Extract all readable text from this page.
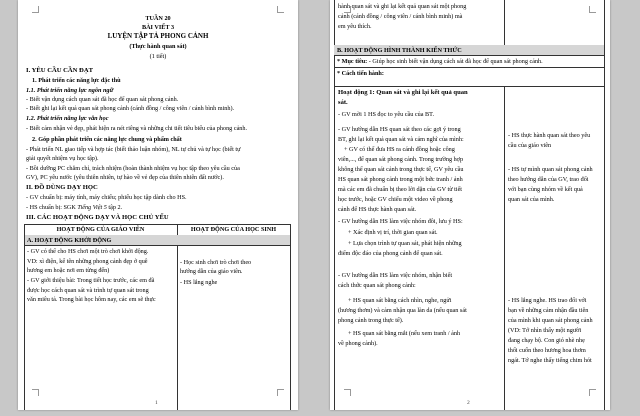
TUẦN 20
BÀI VIẾT 3
LUYỆN TẬP TẢ PHONG CẢNH
(Thực hành quan sát)
(1 tiết)
I. YÊU CẦU CẦN ĐẠT
1. Phát triển các năng lực đặc thù
1.1. Phát triển năng lực ngôn ngữ
- Biết vận dụng cách quan sát đã học để quan sát phong cảnh.
- Biết ghi lại kết quả quan sát phong cảnh (cánh đồng / công viên / cánh bình minh).
1.2. Phát triển năng lực văn học
- Biết cảm nhận vẻ đẹp, phát hiện ra nét riêng và những chi tiết tiêu biểu của phong cảnh.
2. Góp phần phát triển các năng lực chung và phẩm chất
- Phát triển NL giao tiếp và hợp tác (biết thảo luận nhóm), NL tự chủ và tự học (biết tự
giải quyết nhiệm vụ học tập).
- Bồi dưỡng PC chăm chỉ, trách nhiệm (hoàn thành nhiệm vụ học tập theo yêu cầu của
GV), PC yêu nước (yêu thiên nhiên, tự hào về vẻ đẹp của thiên nhiên đất nước).
II. ĐỒ DÙNG DẠY HỌC
- GV chuẩn bị: máy tính, máy chiếu; phiếu học tập dành cho HS.
- HS chuẩn bị: SGK Tiếng Việt 5 tập 2.
III. CÁC HOẠT ĐỘNG DẠY VÀ HỌC CHỦ YẾU
HOẠT ĐỘNG CỦA GIÁO VIÊN	HOẠT ĐỘNG CỦA HỌC SINH
A. HOẠT ĐỘNG KHỞI ĐỘNG
- GV có thể cho HS chơi một trò chơi khởi động.
VD: xì điện, kể tên những phong cảnh đẹp ở quê
hương em hoặc nơi em từng đến)
- GV giới thiệu bài: Trong tiết học trước, các em đã
được học cách quan sát và trình tự quan sát trong
văn miêu tả. Trong bài học hôm nay, các em sẽ thực
- Học sinh chơi trò chơi theo
hướng dẫn của giáo viên.
- HS lắng nghe
1
hành quan sát và ghi lại kết quả quan sát một phong
cảnh (cánh đồng / công viên / cánh bình minh) mà
em yêu thích.
B. HOẠT ĐỘNG HÌNH THÀNH KIẾN THỨC
* Mục tiêu: - Giúp học sinh biết vận dụng cách sát đã học để quan sát phong cảnh.
* Cách tiến hành:
Hoạt động 1: Quan sát và ghi lại kết quả quan
sát.
- GV mời 1 HS đọc to yêu cầu của BT.
- GV hướng dẫn HS quan sát theo các gợi ý trong
BT, ghi lại kết quả quan sát và cảm nghĩ của mình:
+ GV có thể đưa HS ra cánh đồng hoặc công
viên,..., để quan sát phong cảnh. Trong trường hợp
không thể quan sát cảnh trong thực tế, GV yêu cầu
HS quan sát phong cảnh trong một bức tranh / ảnh
mà các em đã chuẩn bị theo lời dặn của GV từ tiết
học trước, hoặc GV chiếu một video về phong
cảnh để HS thực hành quan sát.
- GV hướng dẫn HS làm việc nhóm đôi, lưu ý HS:
+ Xác định vị trí, thời gian quan sát.
+ Lựa chọn trình tự quan sát, phát hiện những
điểm độc đáo của phong cảnh để quan sát.
- GV hướng dẫn HS làm việc nhóm, nhận biết
cách thức quan sát phong cảnh:
+ HS quan sát bằng cách nhìn, nghe, ngửi
(hương thơm) và cảm nhận qua làn da (nếu quan sát
phong cảnh trong thực tế).
+ HS quan sát bằng mắt (nếu xem tranh / ảnh
về phong cảnh).
- HS thực hành quan sát theo yêu
cầu của giáo viên
- HS tự mình quan sát phong cảnh
theo hướng dẫn của GV, trao đổi
với bạn cùng nhóm về kết quả
quan sát của mình.
- HS lắng nghe. HS trao đổi với
bạn về những cảm nhận đầu tiên
của mình khi quan sát phong cảnh
(VD: Tớ nhìn thấy một người
đang chạy bộ. Con gió nhè nhẹ
thổi cuốn theo hương hoa thơm
ngát. Tớ nghe thấy tiếng chim hót
2
